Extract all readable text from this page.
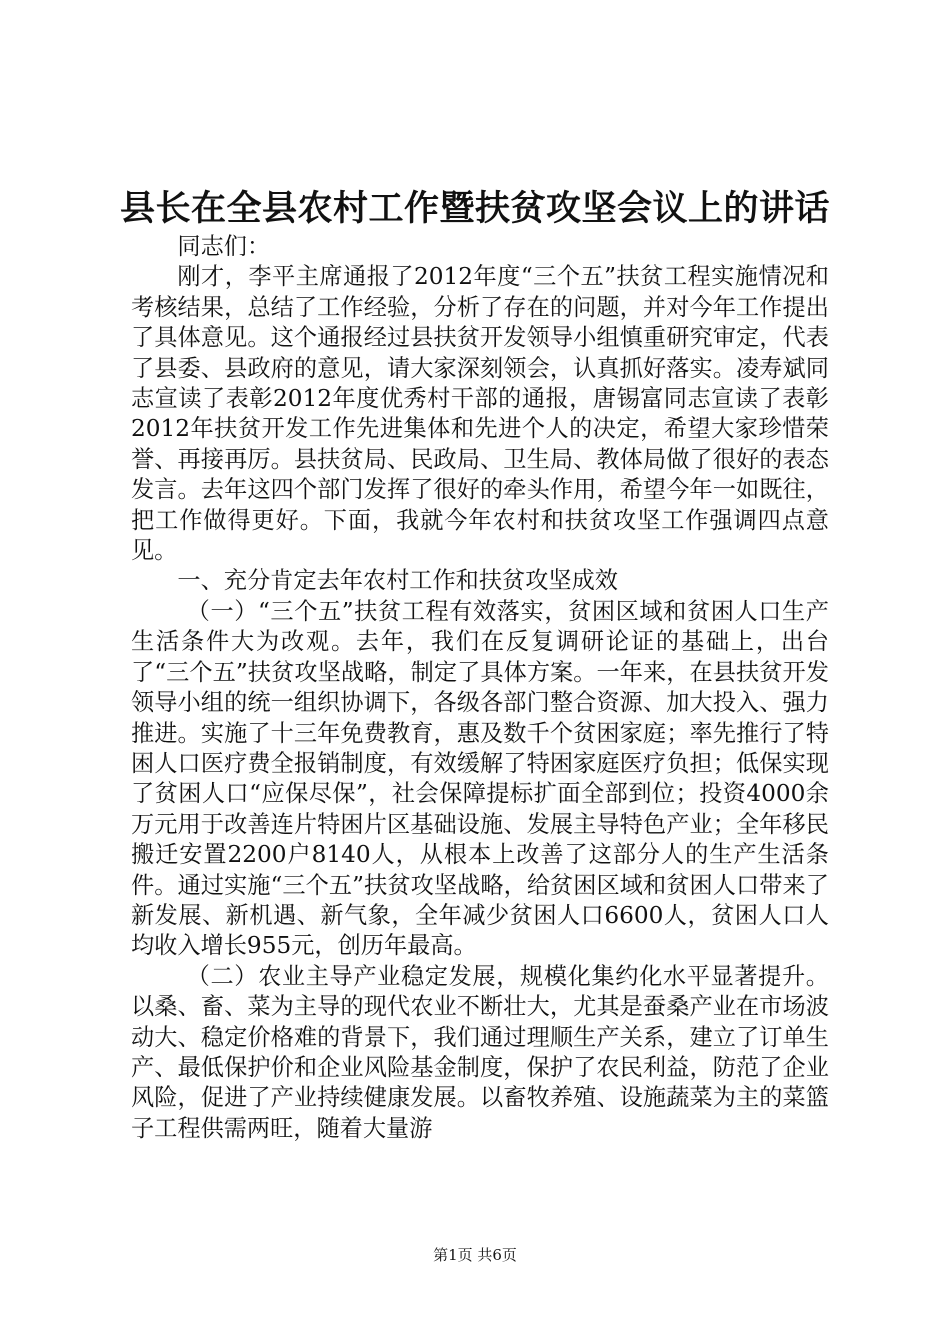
县长在全县农村工作暨扶贫攻坚会议上的讲话

同志们：

刚才，李平主席通报了2012年度“三个五”扶贫工程实施情况和考核结果，总结了工作经验，分析了存在的问题，并对今年工作提出了具体意见。这个通报经过县扶贫开发领导小组慎重研究审定，代表了县委、县政府的意见，请大家深刻领会，认真抓好落实。凌寿斌同志宣读了表彰2012年度优秀村干部的通报，唐锡富同志宣读了表彰2012年扶贫开发工作先进集体和先进个人的决定，希望大家珍惜荣誉、再接再厉。县扶贫局、民政局、卫生局、教体局做了很好的表态发言。去年这四个部门发挥了很好的牵头作用，希望今年一如既往，把工作做得更好。下面，我就今年农村和扶贫攻坚工作强调四点意见。

一、充分肯定去年农村工作和扶贫攻坚成效

（一）“三个五”扶贫工程有效落实，贫困区域和贫困人口生产生活条件大为改观。去年，我们在反复调研论证的基础上，出台了“三个五”扶贫攻坚战略，制定了具体方案。一年来，在县扶贫开发领导小组的统一组织协调下，各级各部门整合资源、加大投入、强力推进。实施了十三年免费教育，惠及数千个贫困家庭；率先推行了特困人口医疗费全报销制度，有效缓解了特困家庭医疗负担；低保实现了贫困人口“应保尽保”，社会保障提标扩面全部到位；投资4000余万元用于改善连片特困片区基础设施、发展主导特色产业；全年移民搬迁安置2200户8140人，从根本上改善了这部分人的生产生活条件。通过实施“三个五”扶贫攻坚战略，给贫困区域和贫困人口带来了新发展、新机遇、新气象，全年减少贫困人口6600人，贫困人口人均收入增长955元，创历年最高。

（二）农业主导产业稳定发展，规模化集约化水平显著提升。以桑、畜、菜为主导的现代农业不断壮大，尤其是蚕桑产业在市场波动大、稳定价格难的背景下，我们通过理顺生产关系，建立了订单生产、最低保护价和企业风险基金制度，保护了农民利益，防范了企业风险，促进了产业持续健康发展。以畜牧养殖、设施蔬菜为主的菜篮子工程供需两旺，随着大量游

第1页 共6页
